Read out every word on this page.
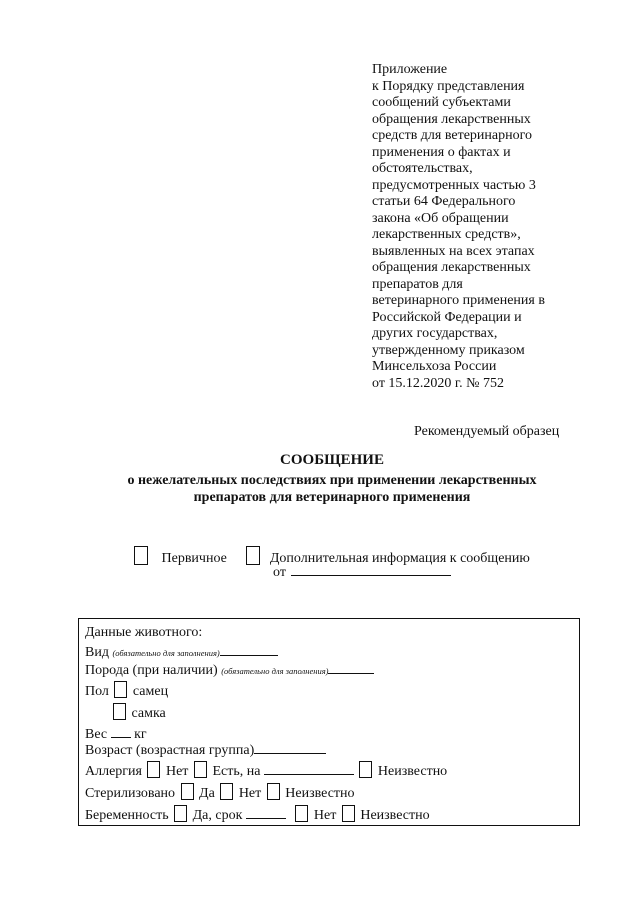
Приложение
к Порядку представления
сообщений субъектами
обращения лекарственных
средств для ветеринарного
применения о фактах и
обстоятельствах,
предусмотренных частью 3
статьи 64 Федерального
закона «Об обращении
лекарственных средств»,
выявленных на всех этапах
обращения лекарственных
препаратов для
ветеринарного применения в
Российской Федерации и
других государствах,
утвержденному приказом
Минсельхоза России
от 15.12.2020 г. № 752
Рекомендуемый образец
СООБЩЕНИЕ
о нежелательных последствиях при применении лекарственных
препаратов для ветеринарного применения
Первичное	Дополнительная информация к сообщению
от
Данные животного:
Вид (обязательно для заполнения)
Порода (при наличии) (обязательно для заполнения)
Пол самец
самка
Вес кг
Возраст (возрастная группа)
Аллергия Нет Есть, на	Неизвестно
Стерилизовано Да Нет Неизвестно
Беременность Да, срок	Нет Неизвестно
